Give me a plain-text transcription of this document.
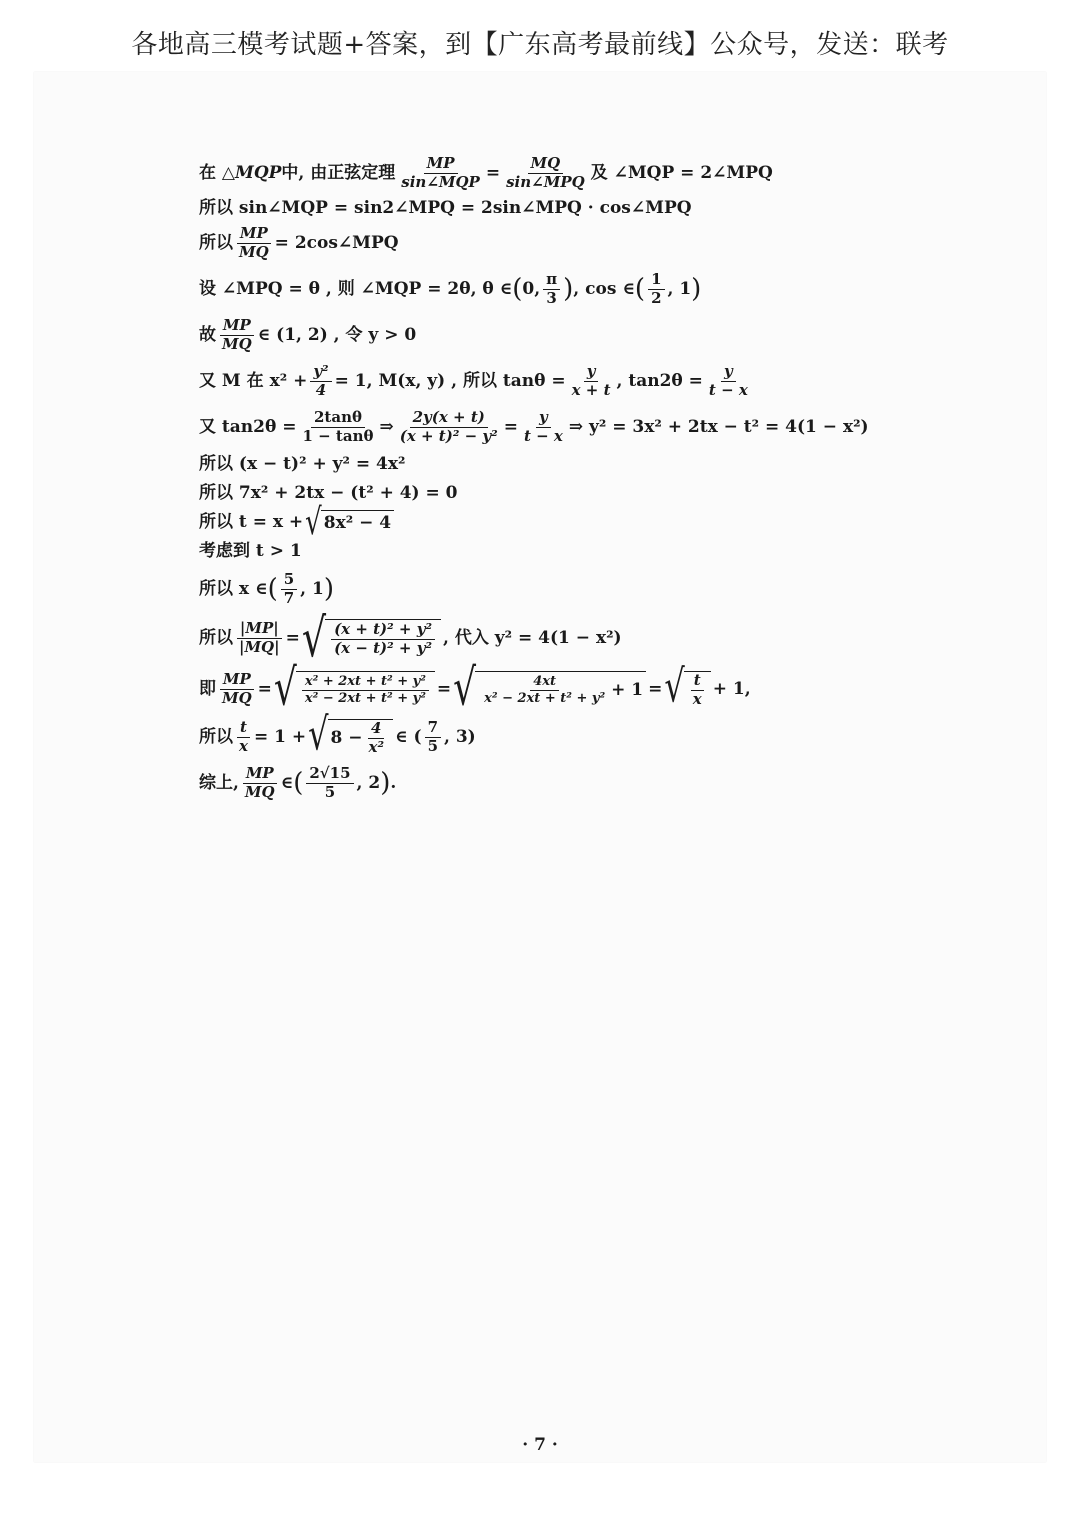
各地高三模考试题+答案，到【广东高考最前线】公众号，发送：联考
在 △ MQP 中, 由正弦定理 $\frac{MP}{\text{sin∠MQP}} = \frac{MQ}{\text{sin∠MPQ}}$ 及 ∠MQP = 2∠MPQ
所以 sin∠MQP = sin2∠MPQ = 2sin∠MPQ · cos∠MPQ
所以 $\frac{MP}{MQ}$ = 2cos∠MPQ
设 ∠MPQ = θ , 则 ∠MQP = 2θ, θ ∈ ( 0, $\frac{\pi}{3}$ ) , cos ∈ ( $\frac{1}{2}$ , 1 )
故 $\frac{MP}{MQ}$ ∈ (1, 2) , 令 y > 0
又 M 在 $x^2 + \frac{\text{y²}}{4} = 1$, M(x, y) , 所以 $\tan\theta = \frac{y}{x + t}$ , $\tan 2\theta = \frac{y}{t - x}$
又 $\tan 2\theta = \frac{2\tan\theta}{1 - \tan\theta}$ ⇒ $\frac{2y(x + t)}{\text{(x + t)² − y²}} = \frac{y}{t - x}$ ⇒ y² = 3x² + 2tx − t² = 4(1 − x²)
所以 (x − t)² + y² = 4x²
所以 7x² + 2tx − (t² + 4) = 0
所以 t = x + √ 8x² − 4
考虑到 t > 1
所以 x ∈ ( $\frac{5}{7}$ , 1 )
所以 $\frac{|MP|}{|MQ|}$ = √ $\frac{\text{(x + t)² + y²}}{\text{(x − t)² + y²}}$ , 代入 y² = 4(1 − x²)
即 $\frac{MP}{MQ}$ = √ $\frac{\text{x² + 2xt + t² + y²}}{\text{x² − 2xt + t² + y²}}$ = √ $\frac{4xt}{\text{x² − 2xt + t² + y²}} + 1$ = √ $\frac{t}{x} + 1$,
所以 $\frac{t}{x} = 1$ + √ $8 - \frac{4}{\text{x²}}$ ∈ ( $\frac{7}{5}$ , 3)
综上, $\frac{MP}{MQ}$ ∈ ( $\frac{2√15}{5}$ , 2 ) .
· 7 ·
